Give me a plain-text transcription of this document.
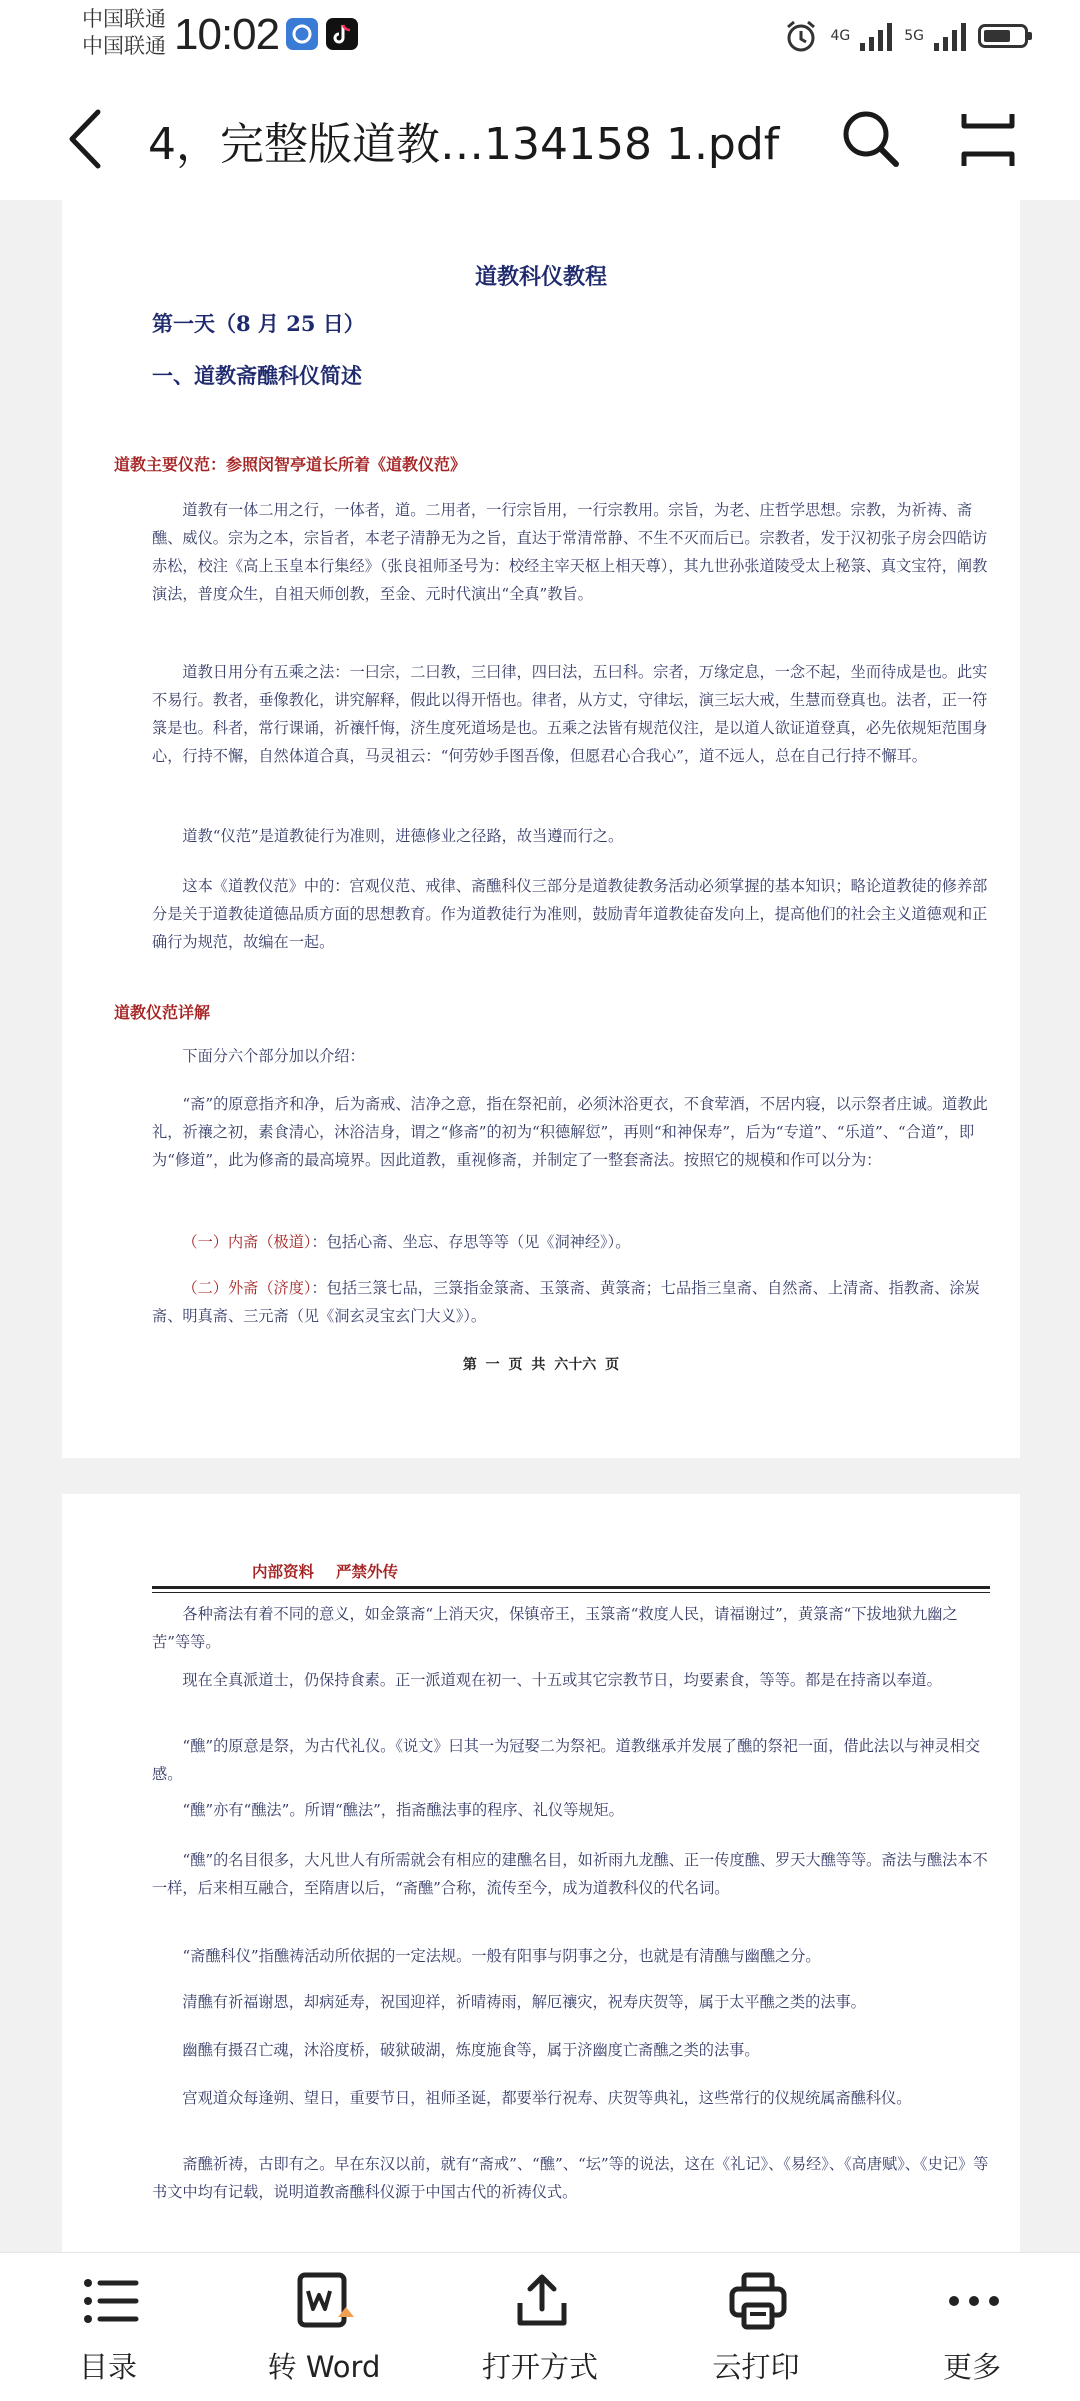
中国联通
中国联通 10:02	4G	5G
4，完整版道教…134158 1.pdf
道教科仪教程
第一天（8 月 25 日）
一、道教斋醮科仪简述
道教主要仪范：参照闵智亭道长所着《道教仪范》
道教有一体二用之行，一体者，道。二用者，一行宗旨用，一行宗教用。宗旨，为老、庄哲学思想。宗教，为祈祷、斋醮、威仪。宗为之本，宗旨者，本老子清静无为之旨，直达于常清常静、不生不灭而后已。宗教者，发于汉初张子房会四皓访赤松，校注《高上玉皇本行集经》（张良祖师圣号为：校经主宰天枢上相天尊），其九世孙张道陵受太上秘箓、真文宝符，阐教演法，普度众生，自祖天师创教，至金、元时代演出“全真”教旨。
道教日用分有五乘之法：一曰宗，二曰教，三曰律，四曰法，五曰科。宗者，万缘定息，一念不起，坐而待成是也。此实不易行。教者，垂像教化，讲究解释，假此以得开悟也。律者，从方丈，守律坛，演三坛大戒，生慧而登真也。法者，正一符箓是也。科者，常行课诵，祈禳忏悔，济生度死道场是也。五乘之法皆有规范仪注，是以道人欲证道登真，必先依规矩范围身心，行持不懈，自然体道合真，马灵祖云：“何劳妙手图吾像，但愿君心合我心”，道不远人，总在自己行持不懈耳。
道教“仪范”是道教徒行为准则，进德修业之径路，故当遵而行之。
这本《道教仪范》中的：宫观仪范、戒律、斋醮科仪三部分是道教徒教务活动必须掌握的基本知识；略论道教徒的修养部分是关于道教徒道德品质方面的思想教育。作为道教徒行为准则，鼓励青年道教徒奋发向上，提高他们的社会主义道德观和正确行为规范，故编在一起。
道教仪范详解
下面分六个部分加以介绍：
“斋”的原意指齐和净，后为斋戒、洁净之意，指在祭祀前，必须沐浴更衣，不食荤酒，不居内寝，以示祭者庄诚。道教此礼，祈禳之初，素食清心，沐浴洁身，谓之“修斋”的初为“积德解愆”，再则“和神保寿”，后为“专道”、“乐道”、“合道”，即为“修道”，此为修斋的最高境界。因此道教，重视修斋，并制定了一整套斋法。按照它的规模和作可以分为：
（一）内斋（极道）：包括心斋、坐忘、存思等等（见《洞神经》）。
（二）外斋（济度）：包括三箓七品，三箓指金箓斋、玉箓斋、黄箓斋；七品指三皇斋、自然斋、上清斋、指教斋、涂炭斋、明真斋、三元斋（见《洞玄灵宝玄门大义》）。
第 一 页 共 六十六 页
内部资料 严禁外传
各种斋法有着不同的意义，如金箓斋“上消天灾，保镇帝王，玉箓斋“救度人民，请福谢过”，黄箓斋“下拔地狱九幽之苦”等等。
现在全真派道士，仍保持食素。正一派道观在初一、十五或其它宗教节日，均要素食，等等。都是在持斋以奉道。
“醮”的原意是祭，为古代礼仪。《说文》曰其一为冠娶二为祭祀。道教继承并发展了醮的祭祀一面，借此法以与神灵相交感。
“醮”亦有“醮法”。所谓“醮法”，指斋醮法事的程序、礼仪等规矩。
“醮”的名目很多，大凡世人有所需就会有相应的建醮名目，如祈雨九龙醮、正一传度醮、罗天大醮等等。斋法与醮法本不一样，后来相互融合，至隋唐以后，“斋醮”合称，流传至今，成为道教科仪的代名词。
“斋醮科仪”指醮祷活动所依据的一定法规。一般有阳事与阴事之分，也就是有清醮与幽醮之分。
清醮有祈福谢恩，却病延寿，祝国迎祥，祈晴祷雨，解厄禳灾，祝寿庆贺等，属于太平醮之类的法事。
幽醮有摄召亡魂，沐浴度桥，破狱破湖，炼度施食等，属于济幽度亡斋醮之类的法事。
宫观道众每逢朔、望日，重要节日，祖师圣诞，都要举行祝寿、庆贺等典礼，这些常行的仪规统属斋醮科仪。
斋醮祈祷，古即有之。早在东汉以前，就有“斋戒”、“醮”、“坛”等的说法，这在《礼记》、《易经》、《高唐赋》、《史记》等书文中均有记载，说明道教斋醮科仪源于中国古代的祈祷仪式。
目录	转 Word	打开方式	云打印	更多
